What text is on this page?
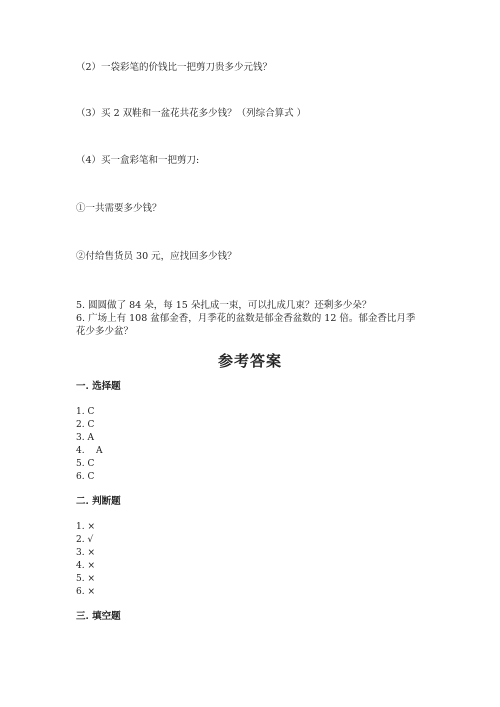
（2）一袋彩笔的价钱比一把剪刀贵多少元钱？

（3）买 2 双鞋和一盆花共花多少钱？（列综合算式 ）

（4）买一盒彩笔和一把剪刀:

①一共需要多少钱？

②付给售货员 30 元，应找回多少钱？

5. 圆圆做了 84 朵，每 15 朵扎成一束，可以扎成几束？还剩多少朵？

6. 广场上有 108 盆郁金香，月季花的盆数是郁金香盆数的 12 倍。郁金香比月季

花少多少盆？

参考答案
一. 选择题

1. C

2. C

3. A

4.    A

5. C

6. C

二. 判断题

1. ×

2. √

3. ×

4. ×

5. ×

6. ×

三. 填空题
